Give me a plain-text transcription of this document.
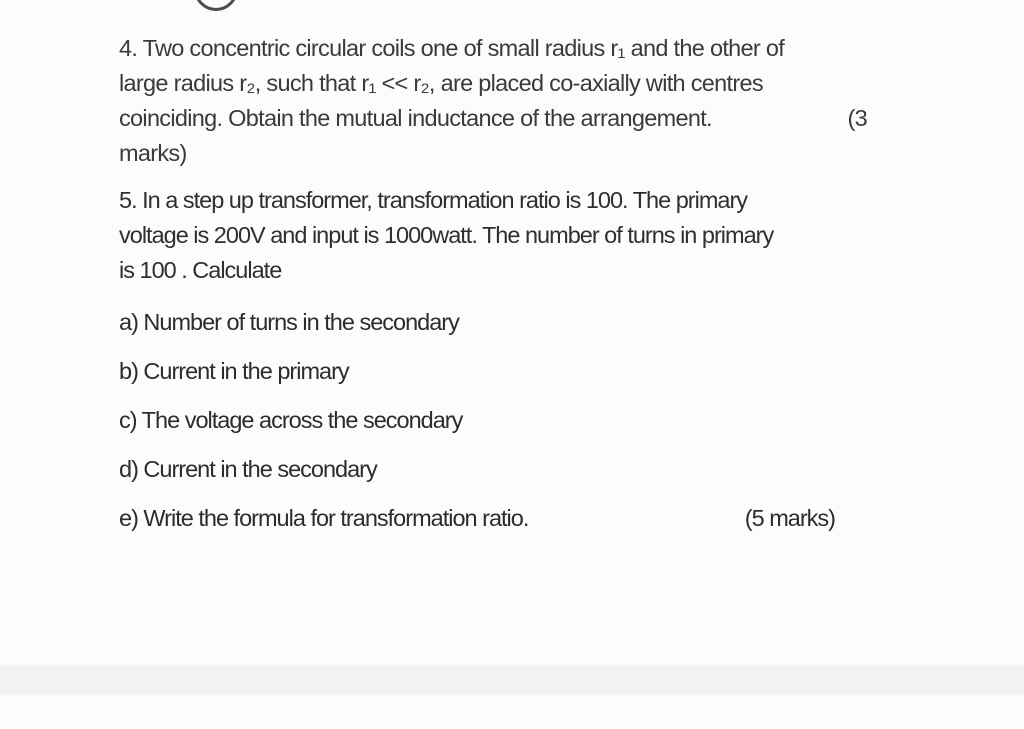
4. Two concentric circular coils one of small radius r₁ and the other of
large radius r₂, such that r₁ << r₂, are placed co-axially with centres
coinciding. Obtain the mutual inductance of the arrangement.	(3
marks)
5. In a step up transformer, transformation ratio is 100. The primary
voltage is 200V and input is 1000watt. The number of turns in primary
is 100 . Calculate
a) Number of turns in the secondary
b) Current in the primary
c) The voltage across the secondary
d) Current in the secondary
e) Write the formula for transformation ratio.	(5 marks)
